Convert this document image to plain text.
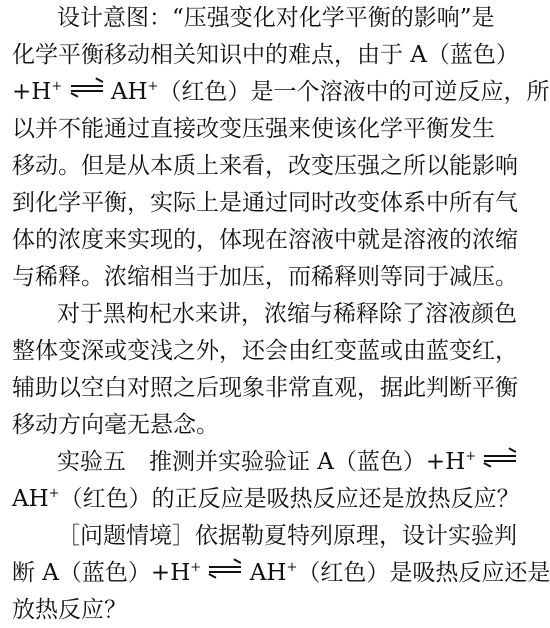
设计意图：“压强变化对化学平衡的影响”是
化学平衡移动相关知识中的难点，由于 A（蓝色）
+H+ AH+（红色）是一个溶液中的可逆反应，所
以并不能通过直接改变压强来使该化学平衡发生
移动。但是从本质上来看，改变压强之所以能影响
到化学平衡，实际上是通过同时改变体系中所有气
体的浓度来实现的，体现在溶液中就是溶液的浓缩
与稀释。浓缩相当于加压，而稀释则等同于减压。
对于黑枸杞水来讲，浓缩与稀释除了溶液颜色
整体变深或变浅之外，还会由红变蓝或由蓝变红，
辅助以空白对照之后现象非常直观，据此判断平衡
移动方向毫无悬念。
实验五　推测并实验验证 A（蓝色）+H+
AH+（红色）的正反应是吸热反应还是放热反应？
［问题情境］依据勒夏特列原理，设计实验判
断 A（蓝色）+H+ AH+（红色）是吸热反应还是
放热反应？
